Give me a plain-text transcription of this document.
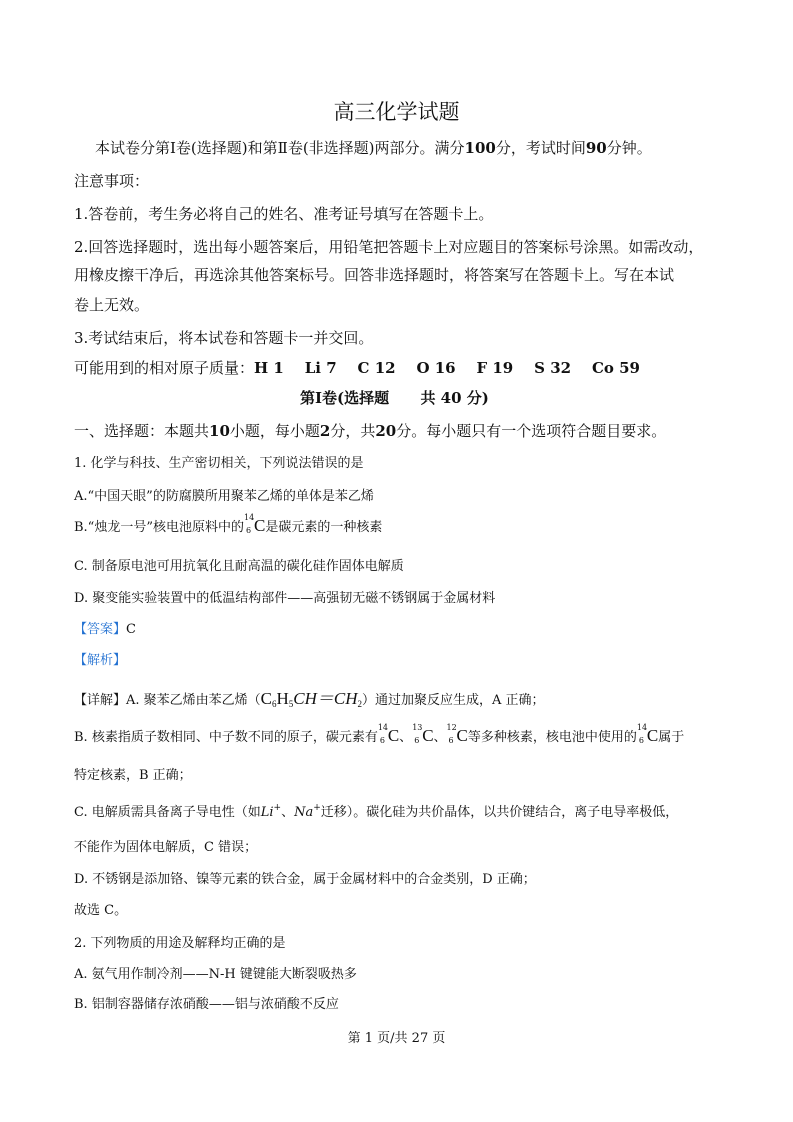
高三化学试题
本试卷分第Ⅰ卷(选择题)和第Ⅱ卷(非选择题)两部分。满分100分，考试时间90分钟。
注意事项：
1.答卷前，考生务必将自己的姓名、准考证号填写在答题卡上。
2.回答选择题时，选出每小题答案后，用铅笔把答题卡上对应题目的答案标号涂黑。如需改动，
用橡皮擦干净后，再选涂其他答案标号。回答非选择题时，将答案写在答题卡上。写在本试
卷上无效。
3.考试结束后，将本试卷和答题卡一并交回。
可能用到的相对原子质量：H 1    Li 7    C 12    O 16    F 19    S 32    Co 59
第Ⅰ卷(选择题      共 40 分)
一、选择题：本题共10小题，每小题2分，共20分。每小题只有一个选项符合题目要求。
1. 化学与科技、生产密切相关，下列说法错误的是
A.“中国天眼”的防腐膜所用聚苯乙烯的单体是苯乙烯
B.“烛龙一号”核电池原料中的
14
6 C是碳元素的一种核素
C. 制备原电池可用抗氧化且耐高温的碳化硅作固体电解质
D. 聚变能实验装置中的低温结构部件——高强韧无磁不锈钢属于金属材料
【答案】C
【解析】
【详解】A. 聚苯乙烯由苯乙烯$(C_6H_5CH=CH_2)$通过加聚反应生成，A 正确；
B. 核素指质子数相同、中子数不同的原子，碳元素有
14
6 C、
13
6 C、
12
6 C等多种核素，核电池中使用的
14
6 C属于
特定核素，B 正确；
C. 电解质需具备离子导电性（如Li+、Na+迁移）。碳化硅为共价晶体，以共价键结合，离子电导率极低，
不能作为固体电解质，C 错误；
D. 不锈钢是添加铬、镍等元素的铁合金，属于金属材料中的合金类别，D 正确；
故选 C。
2. 下列物质的用途及解释均正确的是
A. 氨气用作制冷剂——N-H 键键能大断裂吸热多
B. 铝制容器储存浓硝酸——铝与浓硝酸不反应
第 1 页/共 27 页
